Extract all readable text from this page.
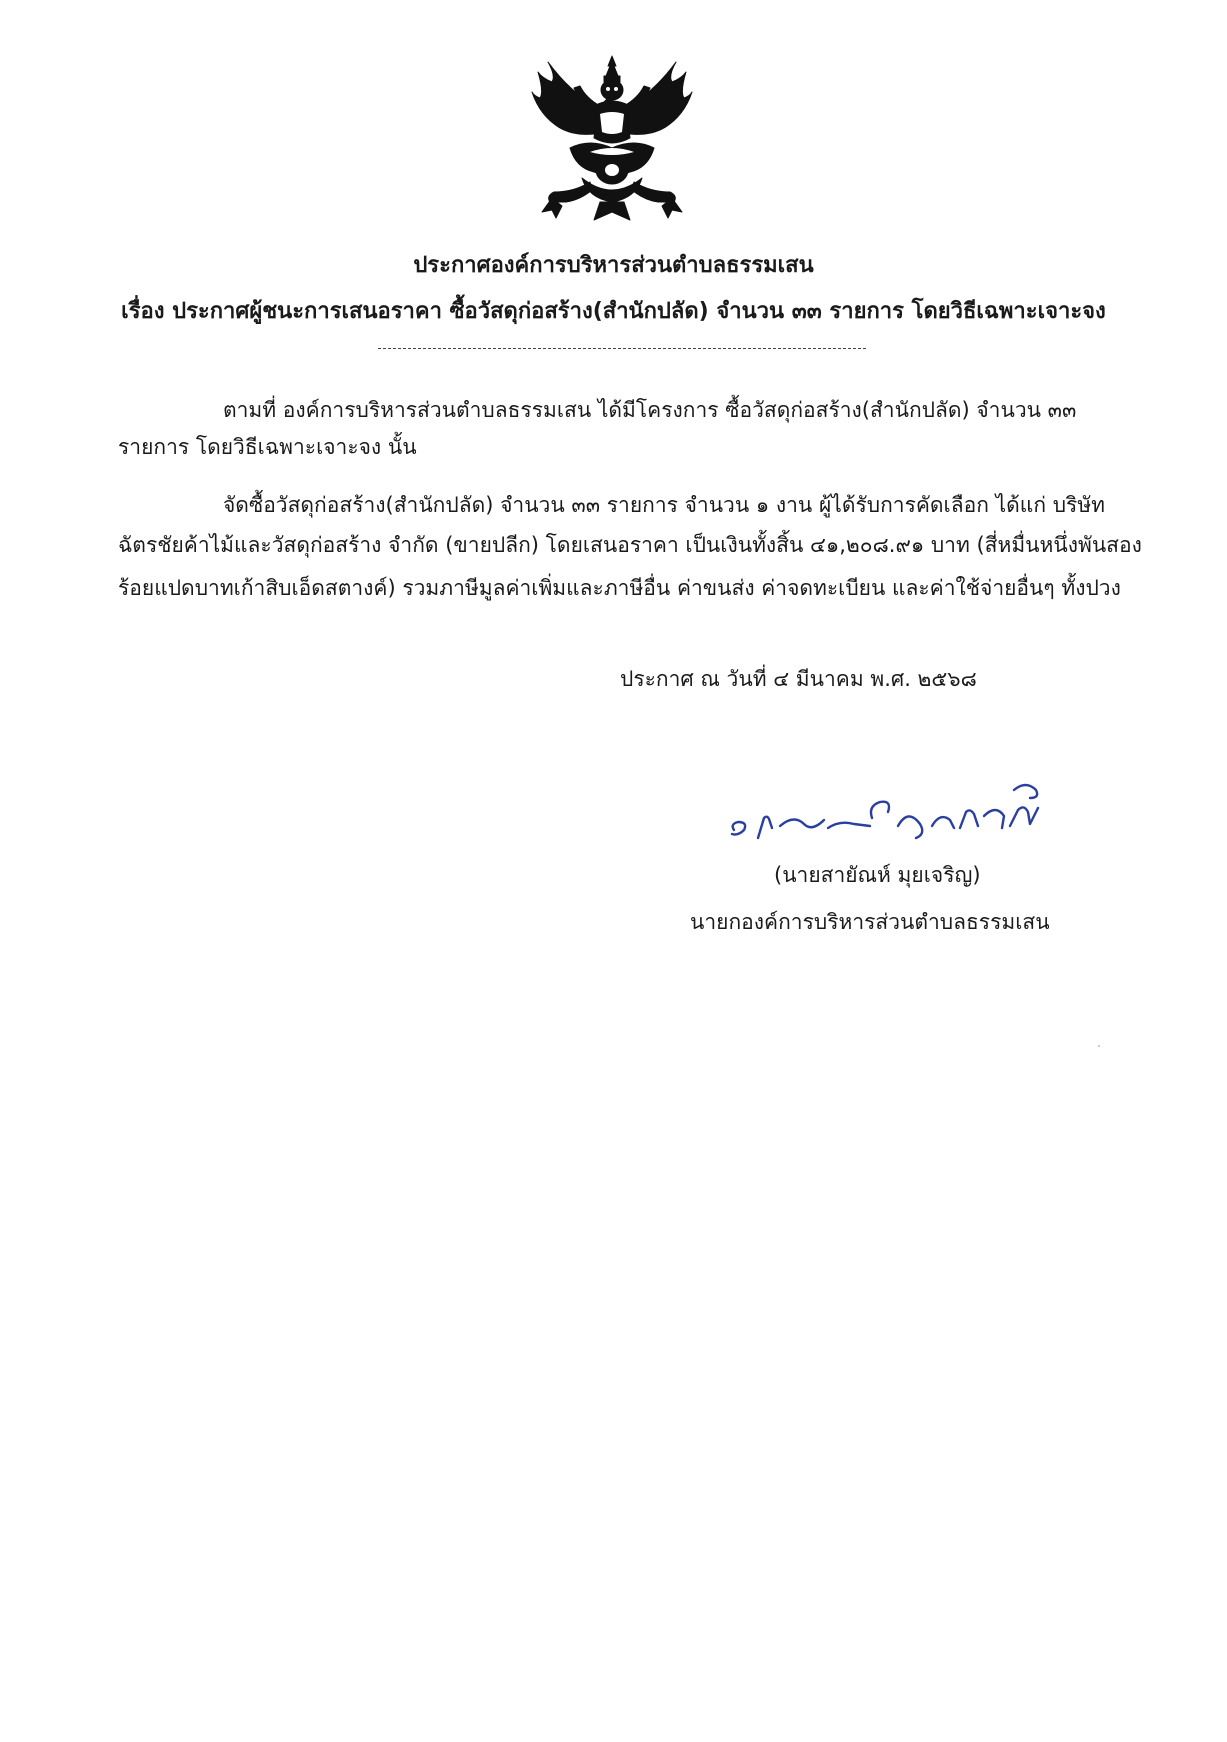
ประกาศองค์การบริหารส่วนตำบลธรรมเสน
เรื่อง ประกาศผู้ชนะการเสนอราคา ซื้อวัสดุก่อสร้าง(สำนักปลัด) จำนวน ๓๓ รายการ โดยวิธีเฉพาะเจาะจง
ตามที่ องค์การบริหารส่วนตำบลธรรมเสน ได้มีโครงการ ซื้อวัสดุก่อสร้าง(สำนักปลัด) จำนวน ๓๓
รายการ โดยวิธีเฉพาะเจาะจง นั้น
จัดซื้อวัสดุก่อสร้าง(สำนักปลัด) จำนวน ๓๓ รายการ จำนวน ๑ งาน ผู้ได้รับการคัดเลือก ได้แก่ บริษัท
ฉัตรชัยค้าไม้และวัสดุก่อสร้าง จำกัด (ขายปลีก) โดยเสนอราคา เป็นเงินทั้งสิ้น ๔๑,๒๐๘.๙๑ บาท (สี่หมื่นหนึ่งพันสอง
ร้อยแปดบาทเก้าสิบเอ็ดสตางค์) รวมภาษีมูลค่าเพิ่มและภาษีอื่น ค่าขนส่ง ค่าจดทะเบียน และค่าใช้จ่ายอื่นๆ ทั้งปวง
ประกาศ ณ วันที่ ๔ มีนาคม พ.ศ. ๒๕๖๘
(นายสายัณห์ มุยเจริญ)
นายกองค์การบริหารส่วนตำบลธรรมเสน
